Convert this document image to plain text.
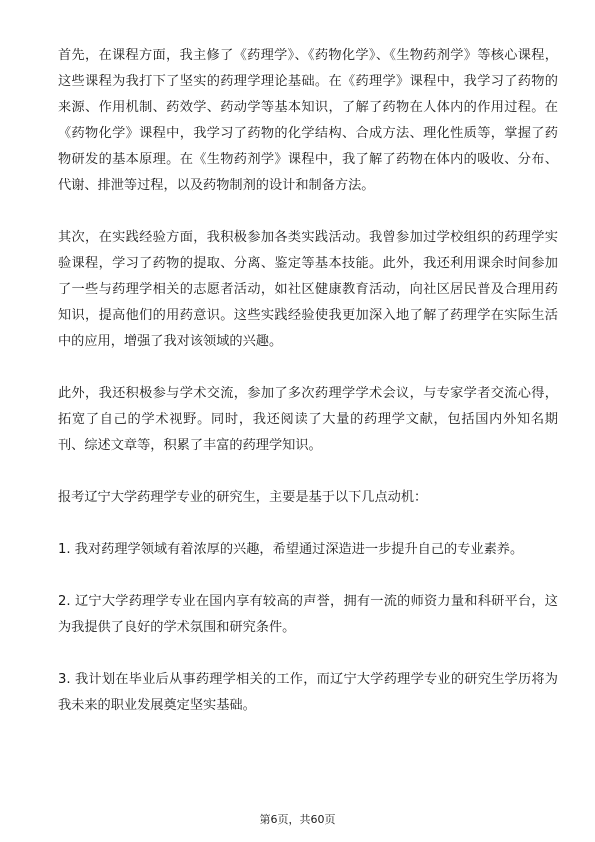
首先，在课程方面，我主修了《药理学》、《药物化学》、《生物药剂学》等核心课程，这些课程为我打下了坚实的药理学理论基础。在《药理学》课程中，我学习了药物的来源、作用机制、药效学、药动学等基本知识，了解了药物在人体内的作用过程。在《药物化学》课程中，我学习了药物的化学结构、合成方法、理化性质等，掌握了药物研发的基本原理。在《生物药剂学》课程中，我了解了药物在体内的吸收、分布、代谢、排泄等过程，以及药物制剂的设计和制备方法。

其次，在实践经验方面，我积极参加各类实践活动。我曾参加过学校组织的药理学实验课程，学习了药物的提取、分离、鉴定等基本技能。此外，我还利用课余时间参加了一些与药理学相关的志愿者活动，如社区健康教育活动，向社区居民普及合理用药知识，提高他们的用药意识。这些实践经验使我更加深入地了解了药理学在实际生活中的应用，增强了我对该领域的兴趣。

此外，我还积极参与学术交流，参加了多次药理学学术会议，与专家学者交流心得，拓宽了自己的学术视野。同时，我还阅读了大量的药理学文献，包括国内外知名期刊、综述文章等，积累了丰富的药理学知识。

报考辽宁大学药理学专业的研究生，主要是基于以下几点动机：

1. 我对药理学领域有着浓厚的兴趣，希望通过深造进一步提升自己的专业素养。

2. 辽宁大学药理学专业在国内享有较高的声誉，拥有一流的师资力量和科研平台，这为我提供了良好的学术氛围和研究条件。

3. 我计划在毕业后从事药理学相关的工作，而辽宁大学药理学专业的研究生学历将为我未来的职业发展奠定坚实基础。

第6页，共60页
